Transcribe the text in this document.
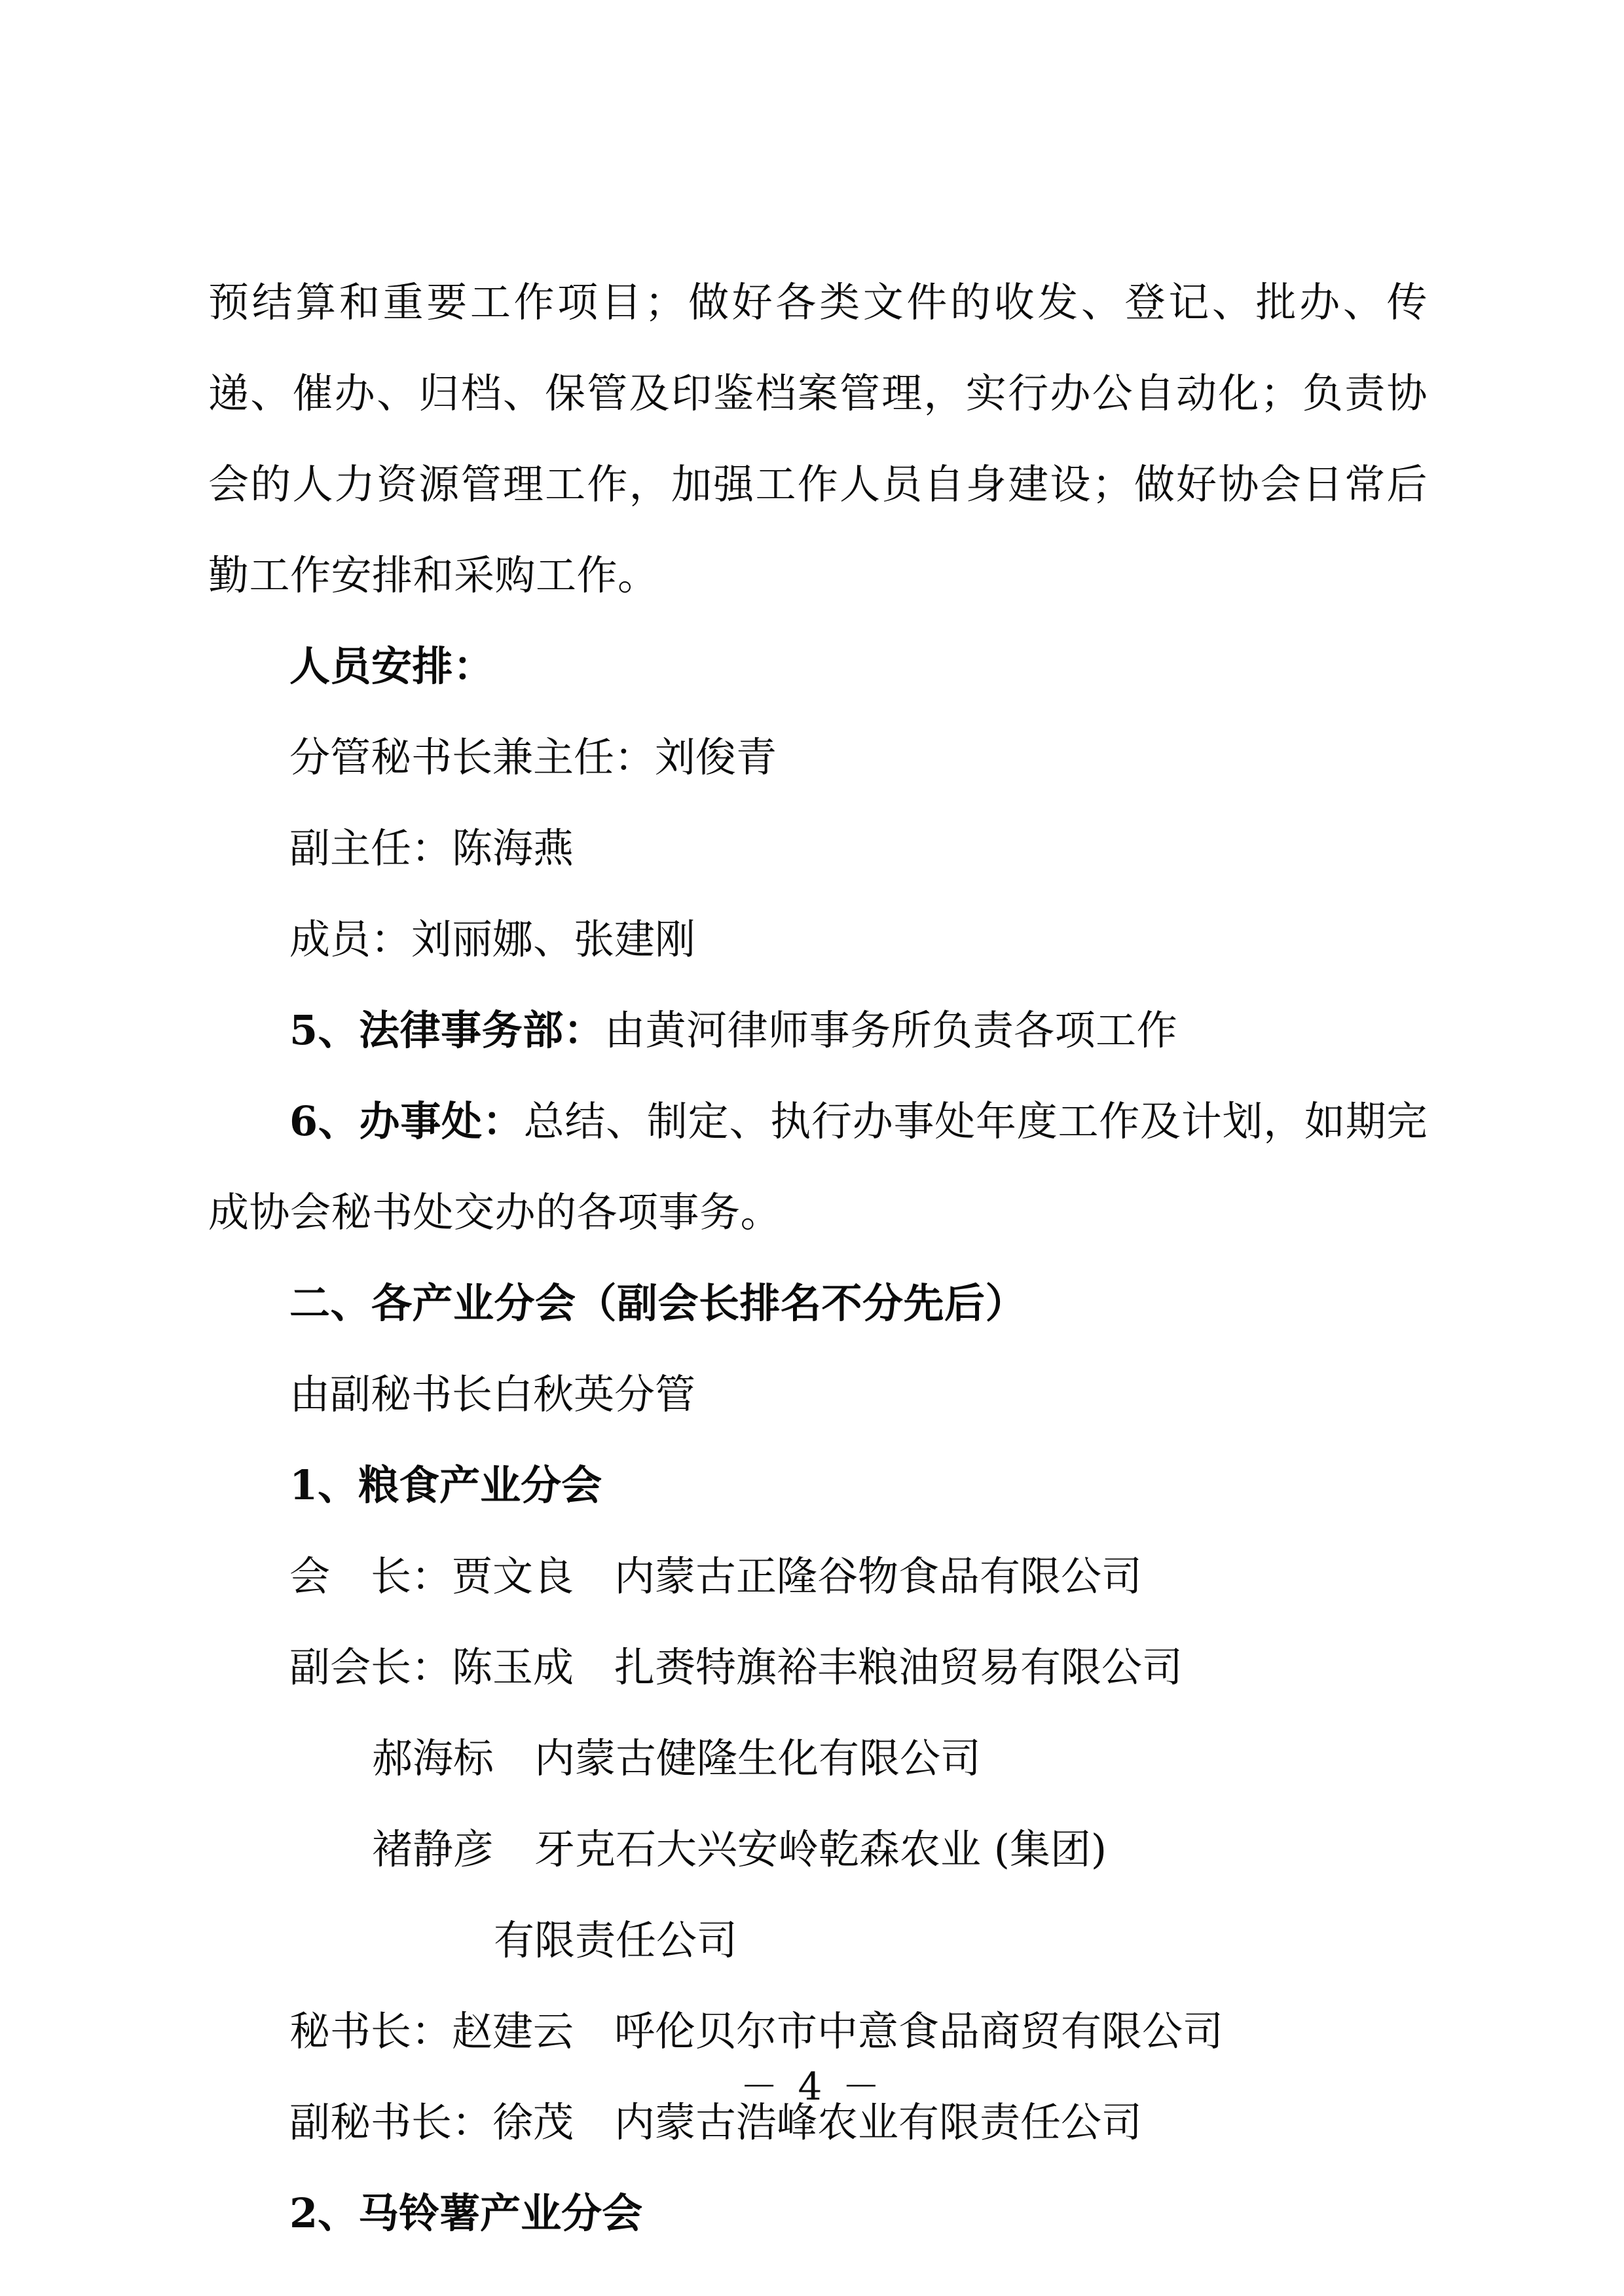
预结算和重要工作项目；做好各类文件的收发、登记、批办、传递、催办、归档、保管及印鉴档案管理，实行办公自动化；负责协会的人力资源管理工作，加强工作人员自身建设；做好协会日常后勤工作安排和采购工作。

人员安排：

分管秘书长兼主任：刘俊青

副主任：陈海燕

成员：刘丽娜、张建刚

5、法律事务部：由黄河律师事务所负责各项工作

6、办事处：总结、制定、执行办事处年度工作及计划，如期完成协会秘书处交办的各项事务。

二、各产业分会（副会长排名不分先后）

由副秘书长白秋英分管

1、粮食产业分会

会　长：贾文良　 内蒙古正隆谷物食品有限公司

副会长：陈玉成　 扎赉特旗裕丰粮油贸易有限公司

郝海标　 内蒙古健隆生化有限公司

褚静彦　 牙克石大兴安岭乾森农业 (集团)

有限责任公司

秘书长：赵建云　 呼伦贝尔市中意食品商贸有限公司

副秘书长：徐茂　 内蒙古浩峰农业有限责任公司

2、马铃薯产业分会

－ 4 －
